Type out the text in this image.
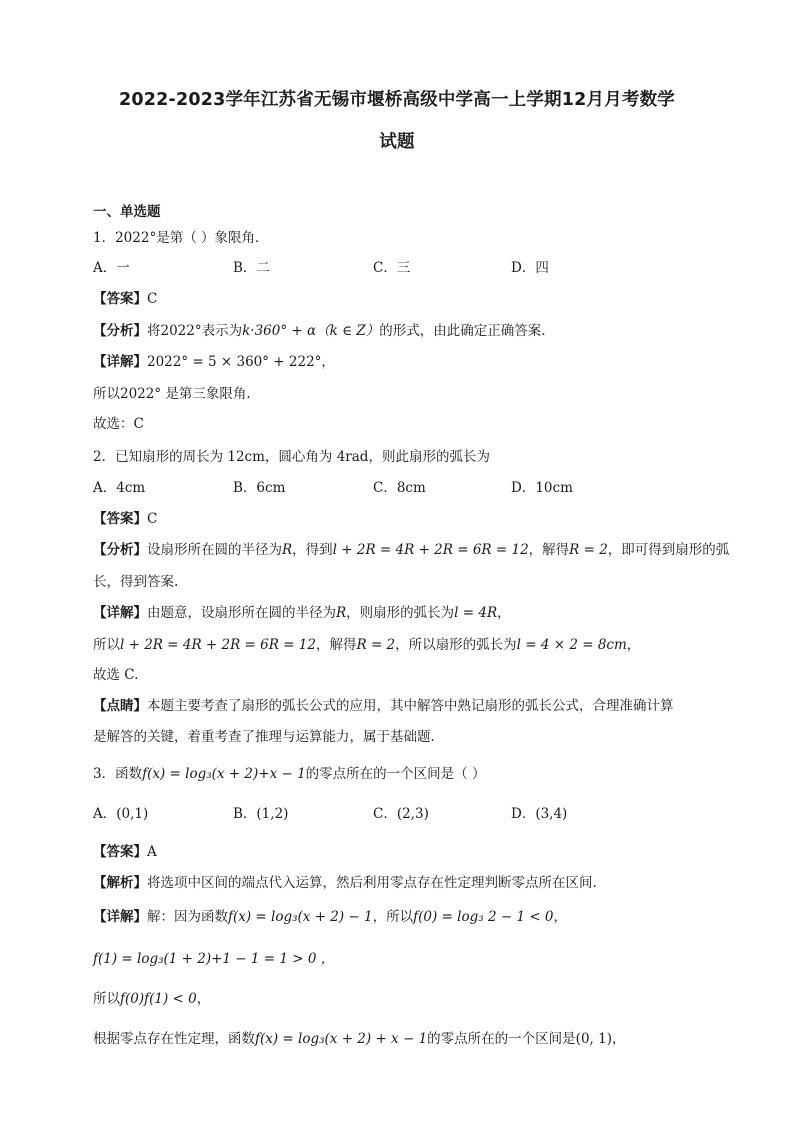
2022-2023学年江苏省无锡市堰桥高级中学高一上学期12月月考数学
试题
一、单选题
1．2022°是第（ ）象限角．
A．一	B．二	C．三	D．四
【答案】C
【分析】将2022°表示为k·360° + α（k ∈ Z）的形式，由此确定正确答案.
【详解】2022° = 5 × 360° + 222°，
所以2022° 是第三象限角.
故选：C
2．已知扇形的周长为 12cm，圆心角为 4rad，则此扇形的弧长为
A．4cm	B．6cm	C．8cm	D．10cm
【答案】C
【分析】设扇形所在圆的半径为R，得到l + 2R = 4R + 2R = 6R = 12，解得R = 2，即可得到扇形的弧
长，得到答案.
【详解】由题意，设扇形所在圆的半径为R，则扇形的弧长为l = 4R，
所以l + 2R = 4R + 2R = 6R = 12，解得R = 2，所以扇形的弧长为l = 4 × 2 = 8cm，
故选 C.
【点睛】本题主要考查了扇形的弧长公式的应用，其中解答中熟记扇形的弧长公式，合理准确计算
是解答的关键，着重考查了推理与运算能力，属于基础题.
3．函数f(x) = log₃(x + 2)+x − 1的零点所在的一个区间是（ ）
A．(0,1)	B．(1,2)	C．(2,3)	D．(3,4)
【答案】A
【解析】将选项中区间的端点代入运算，然后利用零点存在性定理判断零点所在区间.
【详解】解：因为函数f(x) = log₃(x + 2) − 1，所以f(0) = log₃ 2 − 1 < 0，
f(1) = log₃(1 + 2)+1 − 1 = 1 > 0 ，
所以f(0)f(1) < 0，
根据零点存在性定理，函数f(x) = log₃(x + 2) + x − 1的零点所在的一个区间是(0, 1)，
